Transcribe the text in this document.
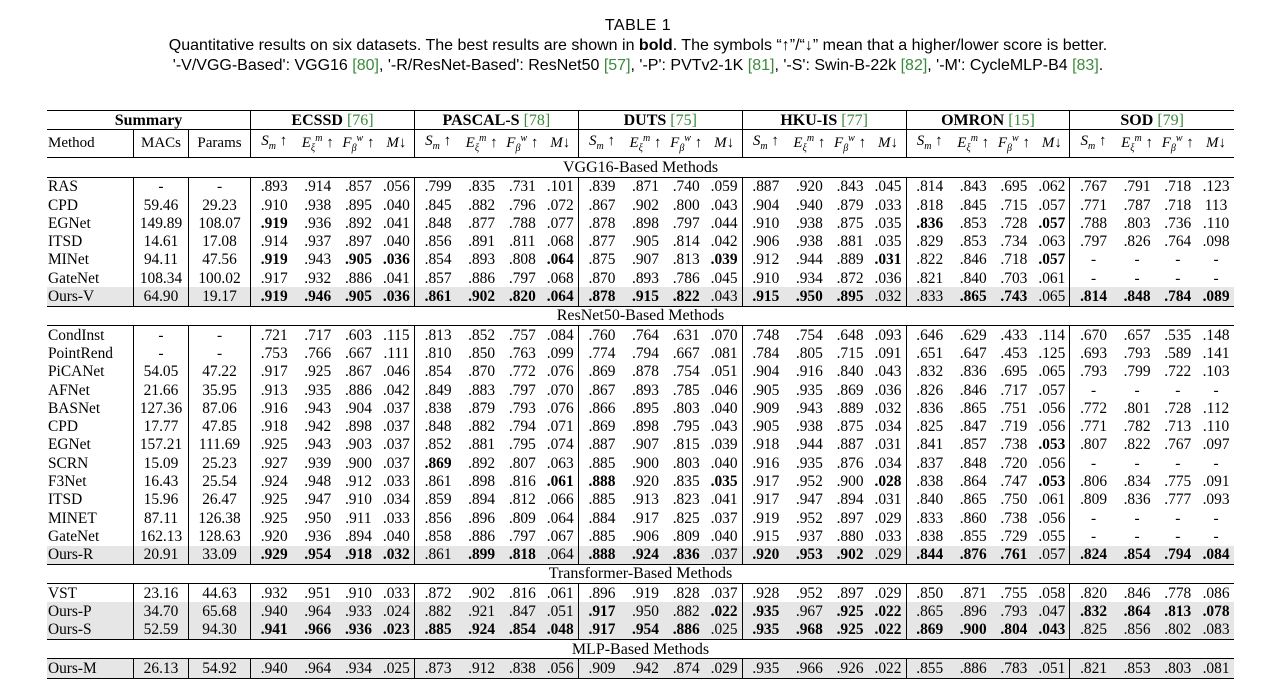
TABLE 1
Quantitative results on six datasets. The best results are shown in bold. The symbols “↑”/“↓” mean that a higher/lower score is better.
'-V/VGG-Based': VGG16 [80], '-R/ResNet-Based': ResNet50 [57], '-P': PVTv2-1K [81], '-S': Swin-B-22k [82], '-M': CycleMLP-B4 [83].
Summary			ECSSD [76]				PASCAL-S [78]				DUTS [75]				HKU-IS [77]				OMRON [15]				SOD [79]			
Method	MACs	Params	$S_m$ ↑	$E_\xi^m$ ↑	$F_\beta^w$ ↑	M↓	$S_m$ ↑	$E_\xi^m$ ↑	$F_\beta^w$ ↑	M↓	$S_m$ ↑	$E_\xi^m$ ↑	$F_\beta^w$ ↑	M↓	$S_m$ ↑	$E_\xi^m$ ↑	$F_\beta^w$ ↑	M↓	$S_m$ ↑	$E_\xi^m$ ↑	$F_\beta^w$ ↑	M↓	$S_m$ ↑	$E_\xi^m$ ↑	$F_\beta^w$ ↑	M↓
VGG16-Based Methods																										
RAS	-	-	.893	.914	.857	.056	.799	.835	.731	.101	.839	.871	.740	.059	.887	.920	.843	.045	.814	.843	.695	.062	.767	.791	.718	.123
CPD	59.46	29.23	.910	.938	.895	.040	.845	.882	.796	.072	.867	.902	.800	.043	.904	.940	.879	.033	.818	.845	.715	.057	.771	.787	.718	113
EGNet	149.89	108.07	.919	.936	.892	.041	.848	.877	.788	.077	.878	.898	.797	.044	.910	.938	.875	.035	.836	.853	.728	.057	.788	.803	.736	.110
ITSD	14.61	17.08	.914	.937	.897	.040	.856	.891	.811	.068	.877	.905	.814	.042	.906	.938	.881	.035	.829	.853	.734	.063	.797	.826	.764	.098
MINet	94.11	47.56	.919	.943	.905	.036	.854	.893	.808	.064	.875	.907	.813	.039	.912	.944	.889	.031	.822	.846	.718	.057	-	-	-	-
GateNet	108.34	100.02	.917	.932	.886	.041	.857	.886	.797	.068	.870	.893	.786	.045	.910	.934	.872	.036	.821	.840	.703	.061	-	-	-	-
Ours-V	64.90	19.17	.919	.946	.905	.036	.861	.902	.820	.064	.878	.915	.822	.043	.915	.950	.895	.032	.833	.865	.743	.065	.814	.848	.784	.089
ResNet50-Based Methods																										
CondInst	-	-	.721	.717	.603	.115	.813	.852	.757	.084	.760	.764	.631	.070	.748	.754	.648	.093	.646	.629	.433	.114	.670	.657	.535	.148
PointRend	-	-	.753	.766	.667	.111	.810	.850	.763	.099	.774	.794	.667	.081	.784	.805	.715	.091	.651	.647	.453	.125	.693	.793	.589	.141
PiCANet	54.05	47.22	.917	.925	.867	.046	.854	.870	.772	.076	.869	.878	.754	.051	.904	.916	.840	.043	.832	.836	.695	.065	.793	.799	.722	.103
AFNet	21.66	35.95	.913	.935	.886	.042	.849	.883	.797	.070	.867	.893	.785	.046	.905	.935	.869	.036	.826	.846	.717	.057	-	-	-	-
BASNet	127.36	87.06	.916	.943	.904	.037	.838	.879	.793	.076	.866	.895	.803	.040	.909	.943	.889	.032	.836	.865	.751	.056	.772	.801	.728	.112
CPD	17.77	47.85	.918	.942	.898	.037	.848	.882	.794	.071	.869	.898	.795	.043	.905	.938	.875	.034	.825	.847	.719	.056	.771	.782	.713	.110
EGNet	157.21	111.69	.925	.943	.903	.037	.852	.881	.795	.074	.887	.907	.815	.039	.918	.944	.887	.031	.841	.857	.738	.053	.807	.822	.767	.097
SCRN	15.09	25.23	.927	.939	.900	.037	.869	.892	.807	.063	.885	.900	.803	.040	.916	.935	.876	.034	.837	.848	.720	.056	-	-	-	-
F3Net	16.43	25.54	.924	.948	.912	.033	.861	.898	.816	.061	.888	.920	.835	.035	.917	.952	.900	.028	.838	.864	.747	.053	.806	.834	.775	.091
ITSD	15.96	26.47	.925	.947	.910	.034	.859	.894	.812	.066	.885	.913	.823	.041	.917	.947	.894	.031	.840	.865	.750	.061	.809	.836	.777	.093
MINET	87.11	126.38	.925	.950	.911	.033	.856	.896	.809	.064	.884	.917	.825	.037	.919	.952	.897	.029	.833	.860	.738	.056	-	-	-	-
GateNet	162.13	128.63	.920	.936	.894	.040	.858	.886	.797	.067	.885	.906	.809	.040	.915	.937	.880	.033	.838	.855	.729	.055	-	-	-	-
Ours-R	20.91	33.09	.929	.954	.918	.032	.861	.899	.818	.064	.888	.924	.836	.037	.920	.953	.902	.029	.844	.876	.761	.057	.824	.854	.794	.084
Transformer-Based Methods																										
VST	23.16	44.63	.932	.951	.910	.033	.872	.902	.816	.061	.896	.919	.828	.037	.928	.952	.897	.029	.850	.871	.755	.058	.820	.846	.778	.086
Ours-P	34.70	65.68	.940	.964	.933	.024	.882	.921	.847	.051	.917	.950	.882	.022	.935	.967	.925	.022	.865	.896	.793	.047	.832	.864	.813	.078
Ours-S	52.59	94.30	.941	.966	.936	.023	.885	.924	.854	.048	.917	.954	.886	.025	.935	.968	.925	.022	.869	.900	.804	.043	.825	.856	.802	.083
MLP-Based Methods																										
Ours-M	26.13	54.92	.940	.964	.934	.025	.873	.912	.838	.056	.909	.942	.874	.029	.935	.966	.926	.022	.855	.886	.783	.051	.821	.853	.803	.081
